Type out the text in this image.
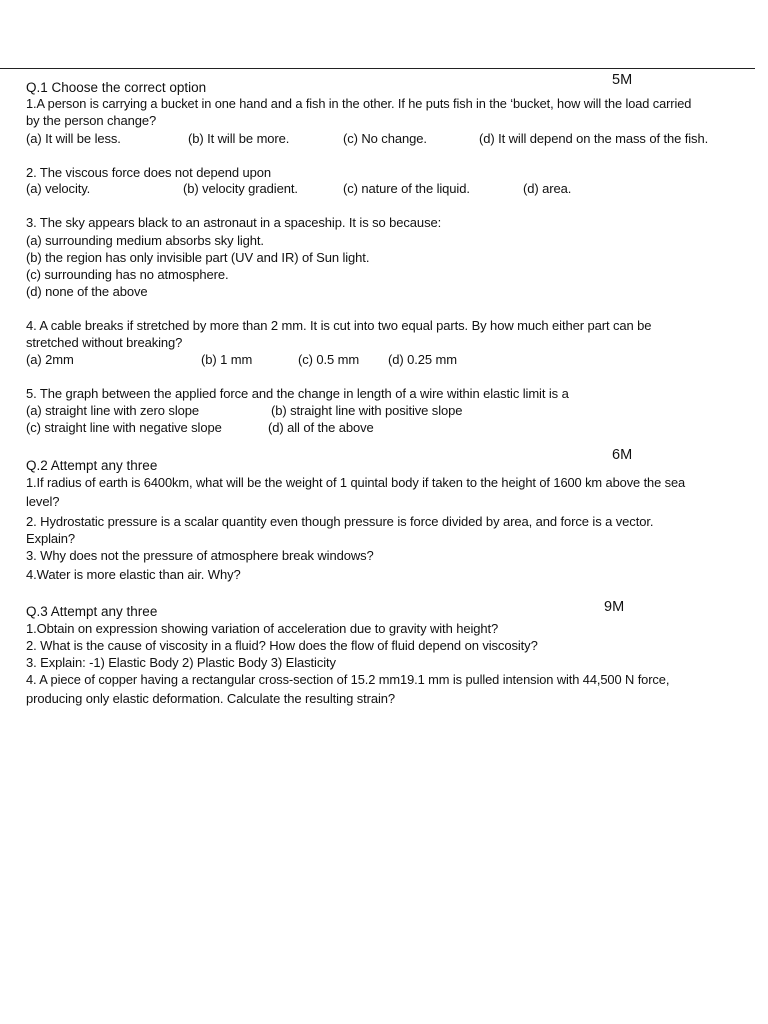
Q.1 Choose the correct option	5M
1.A person is carrying a bucket in one hand and a fish in the other. If he puts fish in the ‘bucket, how will the load carried
by the person change?
(a) It will be less.	(b) It will be more.	(c) No change.	(d) It will depend on the mass of the fish.
2. The viscous force does not depend upon
(a) velocity.	(b) velocity gradient.	(c) nature of the liquid.	(d) area.
3. The sky appears black to an astronaut in a spaceship. It is so because:
(a) surrounding medium absorbs sky light.
(b) the region has only invisible part (UV and IR) of Sun light.
(c) surrounding has no atmosphere.
(d) none of the above
4. A cable breaks if stretched by more than 2 mm. It is cut into two equal parts. By how much either part can be
stretched without breaking?
(a) 2mm	(b) 1 mm	(c) 0.5 mm (d) 0.25 mm
5. The graph between the applied force and the change in length of a wire within elastic limit is a
(a) straight line with zero slope	(b) straight line with positive slope
(c) straight line with negative slope	(d) all of the above
6M
Q.2 Attempt any three
1.If radius of earth is 6400km, what will be the weight of 1 quintal body if taken to the height of 1600 km above the sea
level?
2. Hydrostatic pressure is a scalar quantity even though pressure is force divided by area, and force is a vector.
Explain?
3. Why does not the pressure of atmosphere break windows?
4.Water is more elastic than air. Why?
9M
Q.3 Attempt any three
1.Obtain on expression showing variation of acceleration due to gravity with height?
2. What is the cause of viscosity in a fluid? How does the flow of fluid depend on viscosity?
3. Explain: -1) Elastic Body 2) Plastic Body 3) Elasticity
4. A piece of copper having a rectangular cross-section of 15.2 mm19.1 mm is pulled intension with 44,500 N force,
producing only elastic deformation. Calculate the resulting strain?
